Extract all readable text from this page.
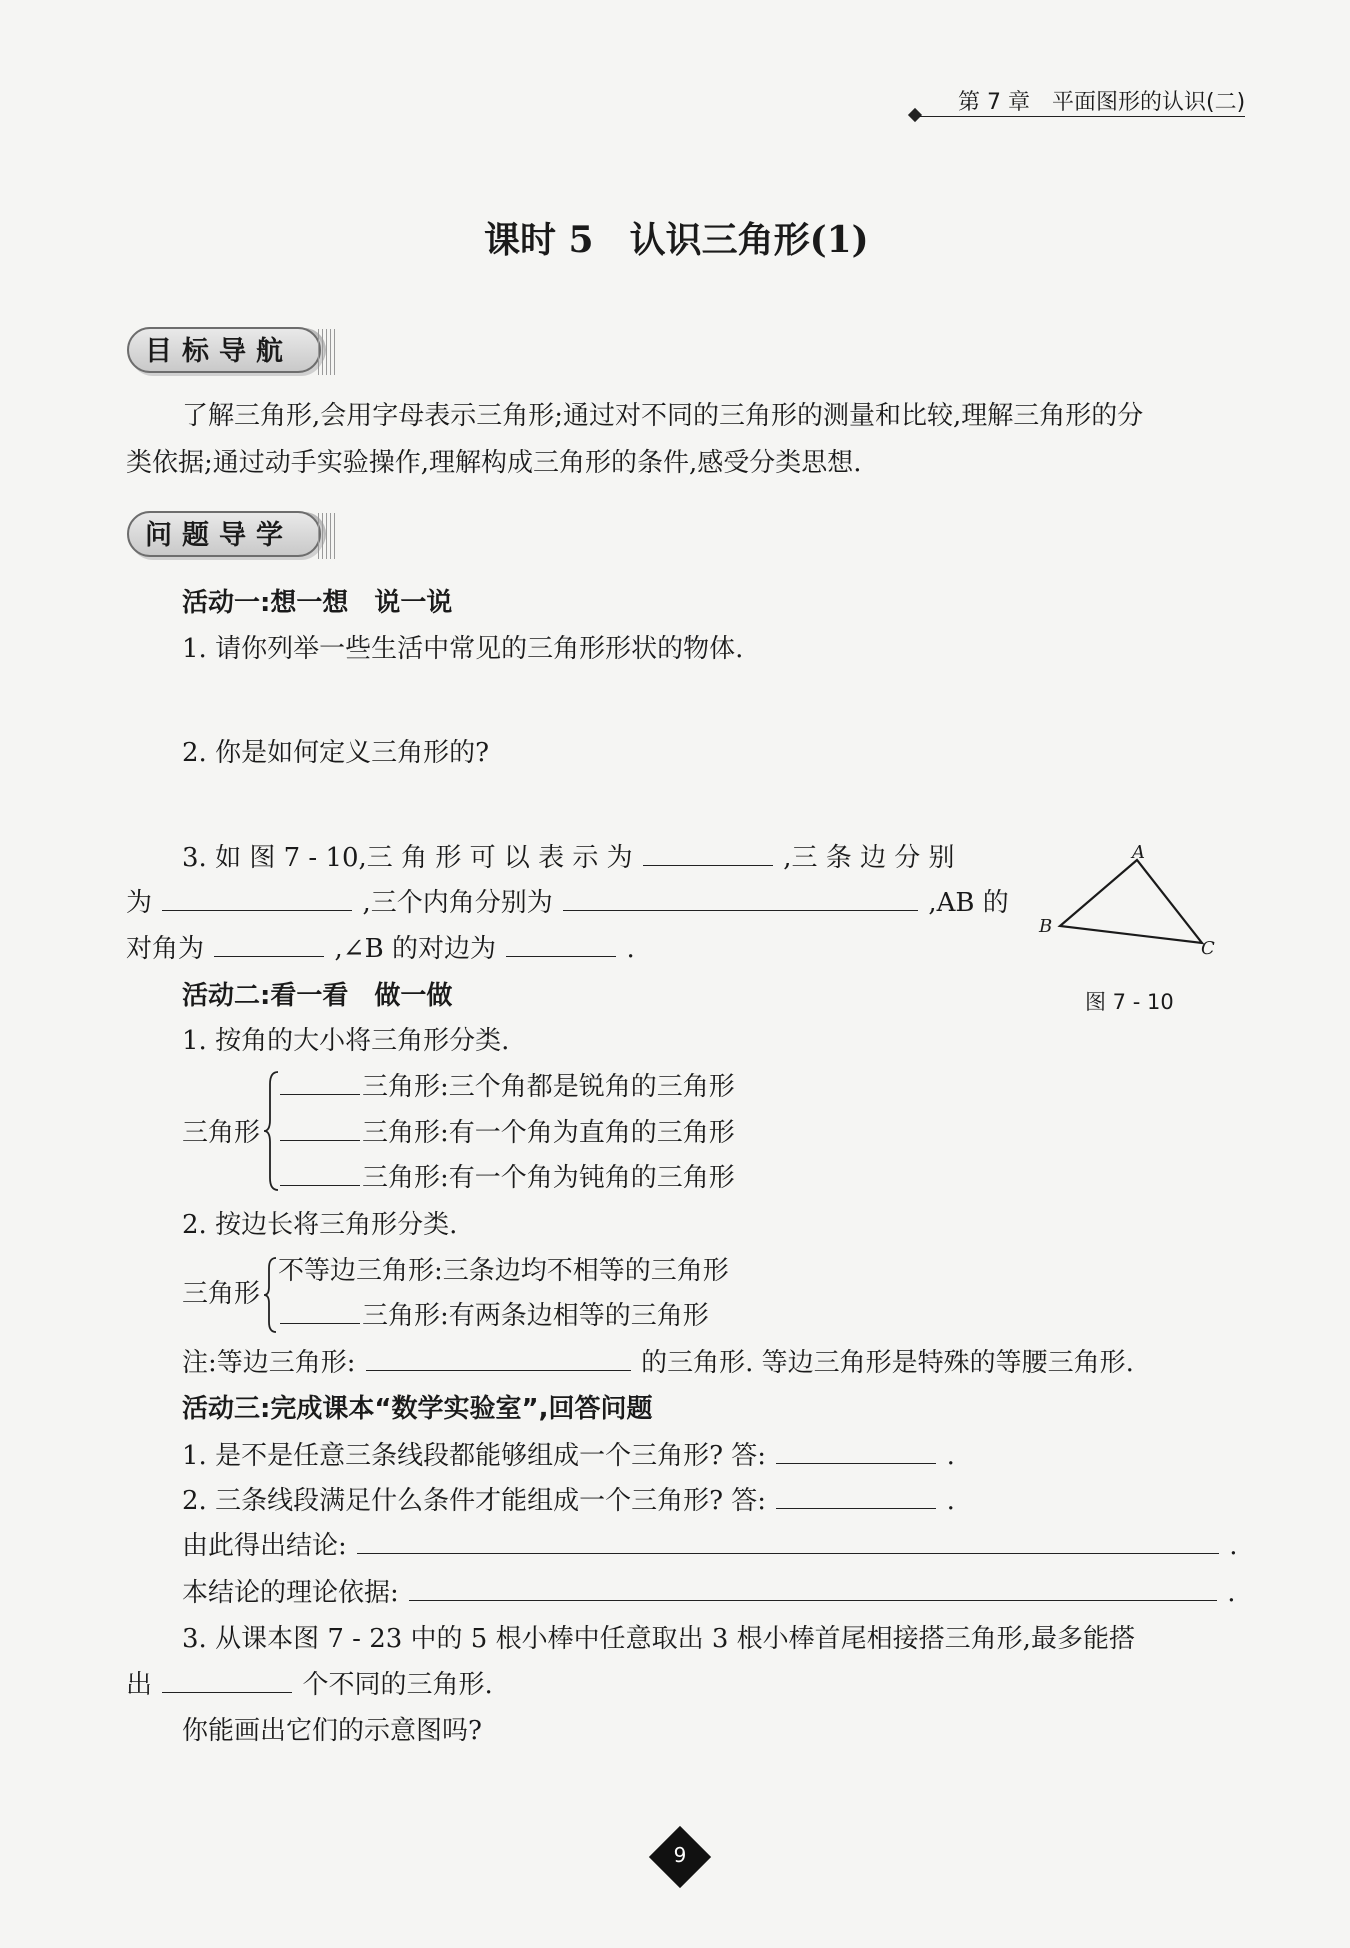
第 7 章　平面图形的认识(二)
课时 5　认识三角形(1)
目标导航
了解三角形,会用字母表示三角形;通过对不同的三角形的测量和比较,理解三角形的分
类依据;通过动手实验操作,理解构成三角形的条件,感受分类思想.
问题导学
活动一:想一想　说一说
1. 请你列举一些生活中常见的三角形形状的物体.
2. 你是如何定义三角形的?
3. 如 图 7 - 10,三 角 形 可 以 表 示 为	,三 条 边 分 别
为	,三个内角分别为	,AB 的
对角为	,∠B 的对边为	.
A
B
C
图 7 - 10
活动二:看一看　做一做
1. 按角的大小将三角形分类.
三角形
三角形:三个角都是锐角的三角形
三角形:有一个角为直角的三角形
三角形:有一个角为钝角的三角形
2. 按边长将三角形分类.
三角形
不等边三角形:三条边均不相等的三角形
三角形:有两条边相等的三角形
注:等边三角形:	的三角形. 等边三角形是特殊的等腰三角形.
活动三:完成课本“数学实验室”,回答问题
1. 是不是任意三条线段都能够组成一个三角形? 答:	.
2. 三条线段满足什么条件才能组成一个三角形? 答:	.
由此得出结论:	.
本结论的理论依据:	.
3. 从课本图 7 - 23 中的 5 根小棒中任意取出 3 根小棒首尾相接搭三角形,最多能搭
出	个不同的三角形.
你能画出它们的示意图吗?
9
